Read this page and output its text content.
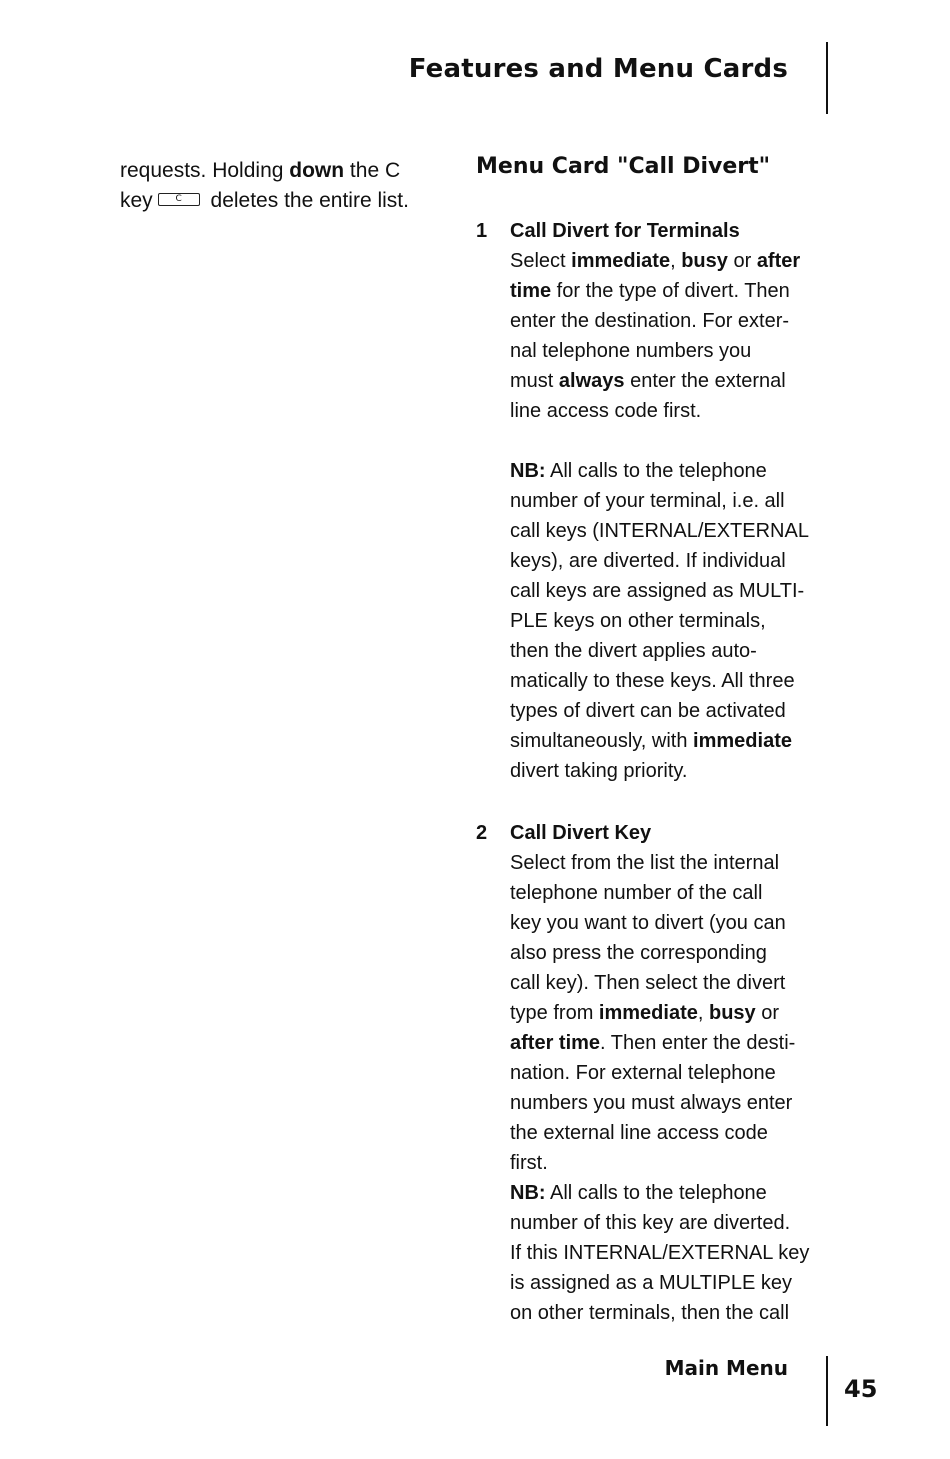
Features and Menu Cards
requests. Holding down the C
key	C deletes the entire list.
Menu Card "Call Divert"
1	Call Divert for Terminals
Select immediate, busy or after
time for the type of divert. Then
enter the destination. For exter-
nal telephone numbers you
must always enter the external
line access code first.

NB: All calls to the telephone
number of your terminal, i.e. all
call keys (INTERNAL/EXTERNAL
keys), are diverted. If individual
call keys are assigned as MULTI-
PLE keys on other terminals,
then the divert applies auto-
matically to these keys. All three
types of divert can be activated
simultaneously, with immediate
divert taking priority.
2	Call Divert Key
Select from the list the internal
telephone number of the call
key you want to divert (you can
also press the corresponding
call key). Then select the divert
type from immediate, busy or
after time. Then enter the desti-
nation. For external telephone
numbers you must always enter
the external line access code
first.
NB: All calls to the telephone
number of this key are diverted.
If this INTERNAL/EXTERNAL key
is assigned as a MULTIPLE key
on other terminals, then the call
Main Menu
45
